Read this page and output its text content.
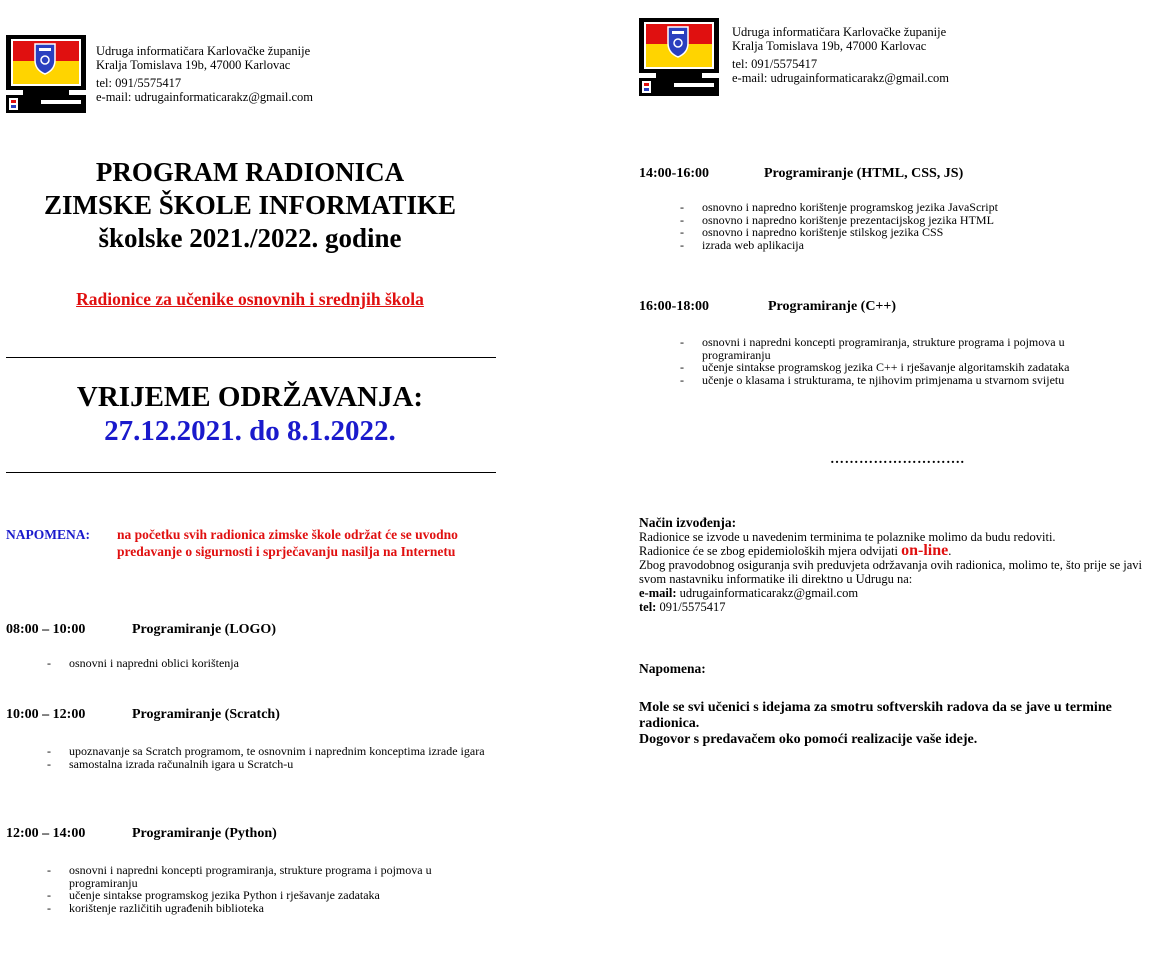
Udruga informatičara Karlovačke županije
Kralja Tomislava 19b, 47000 Karlovac
tel: 091/5575417
e-mail: udrugainformaticarakz@gmail.com
Udruga informatičara Karlovačke županije
Kralja Tomislava 19b, 47000 Karlovac
tel: 091/5575417
e-mail: udrugainformaticarakz@gmail.com
PROGRAM RADIONICA
ZIMSKE ŠKOLE INFORMATIKE
školske 2021./2022. godine
Radionice za učenike osnovnih i srednjih škola
VRIJEME ODRŽAVANJA:
27.12.2021. do 8.1.2022.
NAPOMENA: na početku svih radionica zimske škole održat će se uvodno predavanje o sigurnosti i sprječavanju nasilja na Internetu
08:00 – 10:00	Programiranje (LOGO)
- osnovni i napredni oblici korištenja
10:00 – 12:00	Programiranje (Scratch)
- upoznavanje sa Scratch programom, te osnovnim i naprednim konceptima izrade igara
- samostalna izrada računalnih igara u Scratch-u
12:00 – 14:00	Programiranje (Python)
- osnovni i napredni koncepti programiranja, strukture programa i pojmova u programiranju
- učenje sintakse programskog jezika Python i rješavanje zadataka
- korištenje različitih ugrađenih biblioteka
14:00-16:00	Programiranje (HTML, CSS, JS)
- osnovno i napredno korištenje programskog jezika JavaScript
- osnovno i napredno korištenje prezentacijskog jezika HTML
- osnovno i napredno korištenje stilskog jezika CSS
- izrada web aplikacija
16:00-18:00	Programiranje (C++)
- osnovni i napredni koncepti programiranja, strukture programa i pojmova u programiranju
- učenje sintakse programskog jezika C++ i rješavanje algoritamskih zadataka
- učenje o klasama i strukturama, te njihovim primjenama u stvarnom svijetu
……………………….
Način izvođenja:
Radionice se izvode u navedenim terminima te polaznike molimo da budu redoviti.
Radionice će se zbog epidemioloških mjera odvijati on-line.
Zbog pravodobnog osiguranja svih preduvjeta održavanja ovih radionica, molimo te, što prije se javi svom nastavniku informatike ili direktno u Udrugu na:
e-mail: udrugainformaticarakz@gmail.com
tel: 091/5575417
Napomena:
Mole se svi učenici s idejama za smotru softverskih radova da se jave u termine radionica.
Dogovor s predavačem oko pomoći realizacije vaše ideje.
